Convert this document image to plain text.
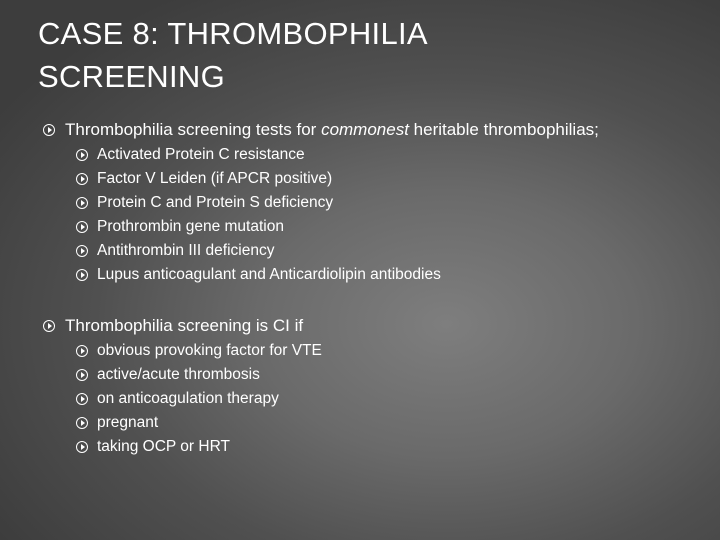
CASE 8: THROMBOPHILIA
SCREENING
Thrombophilia screening tests for commonest heritable thrombophilias;
Activated Protein C resistance
Factor V Leiden (if APCR positive)
Protein C and Protein S deficiency
Prothrombin gene mutation
Antithrombin III deficiency
Lupus anticoagulant and Anticardiolipin antibodies
Thrombophilia screening is CI if
obvious provoking factor for VTE
active/acute thrombosis
on anticoagulation therapy
pregnant
taking OCP or HRT
